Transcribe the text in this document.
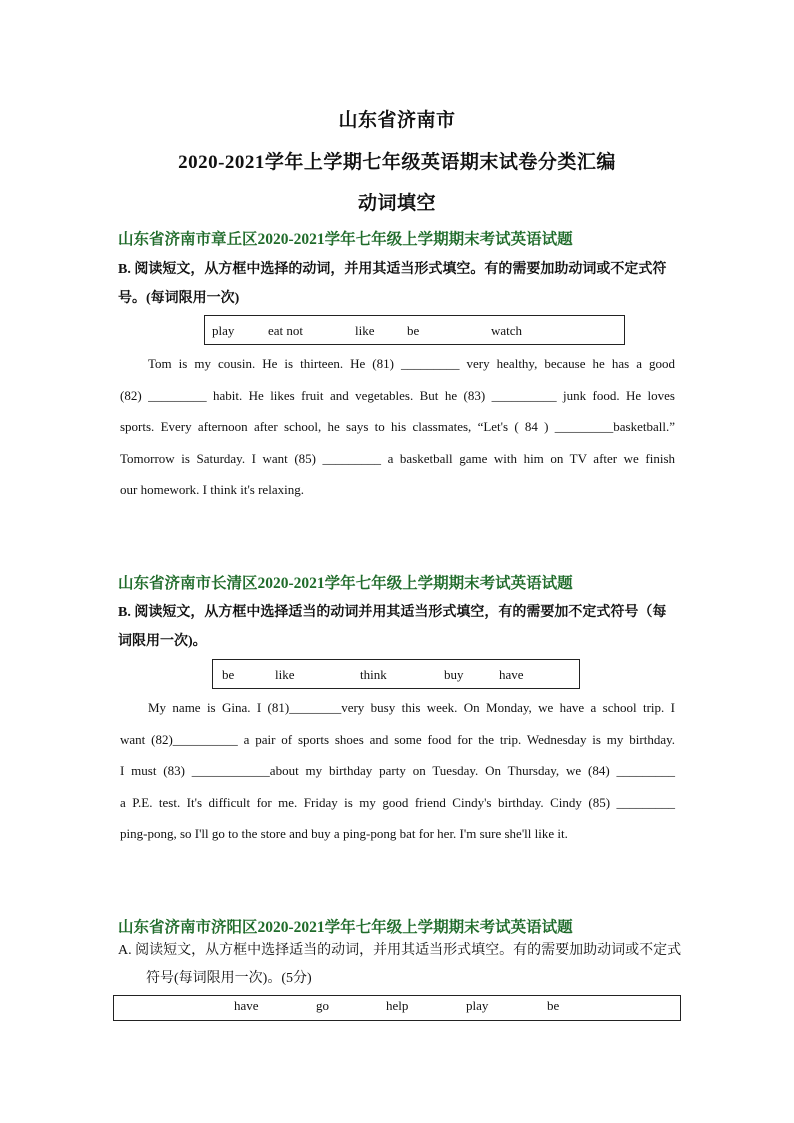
山东省济南市
2020-2021学年上学期七年级英语期末试卷分类汇编
动词填空
山东省济南市章丘区2020-2021学年七年级上学期期末考试英语试题
B. 阅读短文，从方框中选择的动词，并用其适当形式填空。有的需要加助动词或不定式符
号。(每词限用一次)
play	eat not	like	be	watch
Tom is my cousin. He is thirteen. He (81) _________ very healthy, because he has a good
(82) _________ habit. He likes fruit and vegetables. But he (83) __________ junk food. He loves
sports. Every afternoon after school, he says to his classmates, “Let's ( 84 ) _________basketball.”
Tomorrow is Saturday. I want (85) _________ a basketball game with him on TV after we finish
our homework. I think it's relaxing.
山东省济南市长清区2020-2021学年七年级上学期期末考试英语试题
B. 阅读短文，从方框中选择适当的动词并用其适当形式填空，有的需要加不定式符号（每
词限用一次)。
be	like	think	buy	have
My name is Gina. I (81)________very busy this week. On Monday, we have a school trip. I
want (82)__________ a pair of sports shoes and some food for the trip. Wednesday is my birthday.
I must (83) ____________about my birthday party on Tuesday. On Thursday, we (84) _________
a P.E. test. It's difficult for me. Friday is my good friend Cindy's birthday. Cindy (85) _________
ping-pong, so I'll go to the store and buy a ping-pong bat for her. I'm sure she'll like it.
山东省济南市济阳区2020-2021学年七年级上学期期末考试英语试题
A. 阅读短文，从方框中选择适当的动词，并用其适当形式填空。有的需要加助动词或不定式
符号(每词限用一次)。(5分)
have	go	help	play	be
